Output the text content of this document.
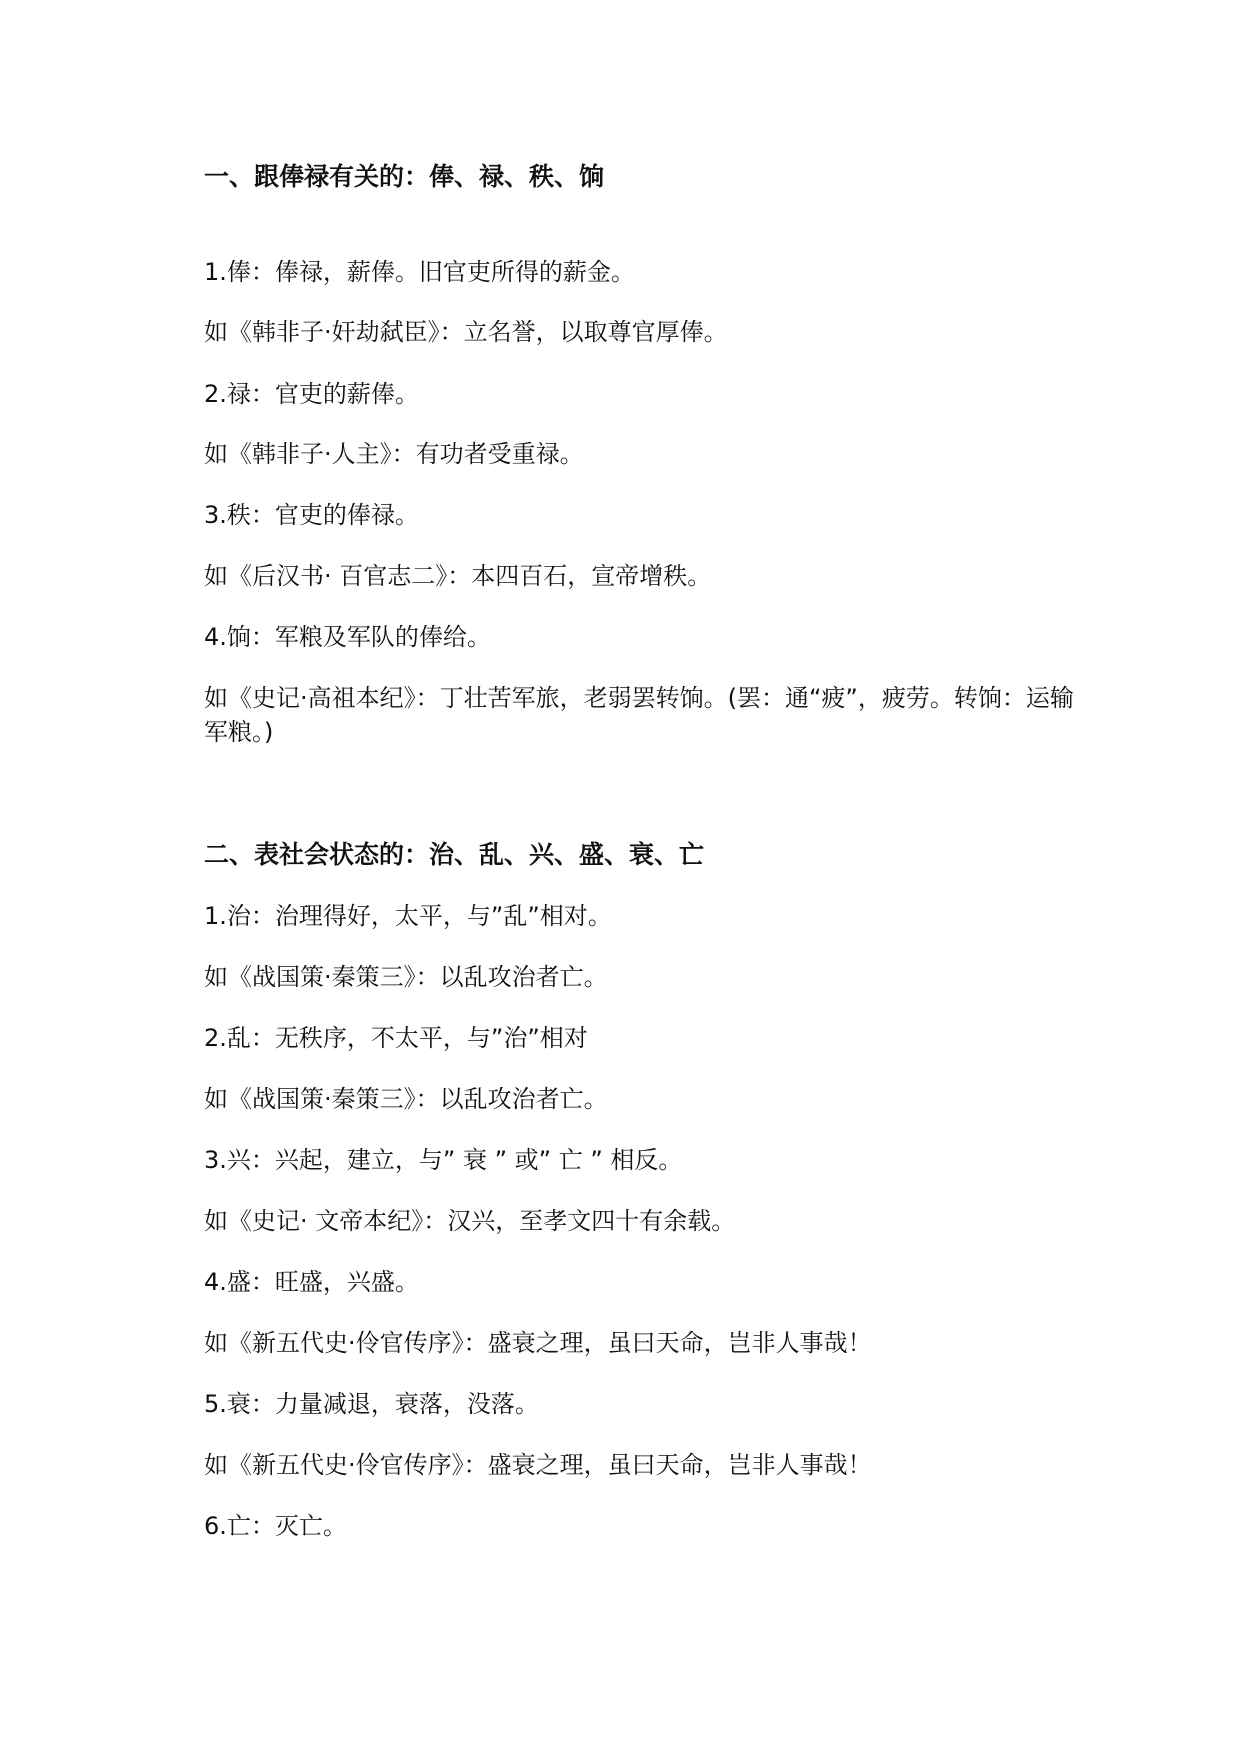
一、跟俸禄有关的：俸、禄、秩、饷
1.俸：俸禄，薪俸。旧官吏所得的薪金。
如《韩非子·奸劫弑臣》：立名誉，以取尊官厚俸。
2.禄：官吏的薪俸。
如《韩非子·人主》：有功者受重禄。
3.秩：官吏的俸禄。
如《后汉书· 百官志二》：本四百石，宣帝增秩。
4.饷：军粮及军队的俸给。
如《史记·高祖本纪》：丁壮苦军旅，老弱罢转饷。(罢：通“疲”，疲劳。转饷：运输军粮。)
二、表社会状态的：治、乱、兴、盛、衰、亡
1.治：治理得好，太平，与”乱”相对。
如《战国策·秦策三》：以乱攻治者亡。
2.乱：无秩序，不太平，与”治”相对
如《战国策·秦策三》：以乱攻治者亡。
3.兴：兴起，建立，与” 衰 ” 或” 亡 ” 相反。
如《史记· 文帝本纪》：汉兴，至孝文四十有余载。
4.盛：旺盛，兴盛。
如《新五代史·伶官传序》：盛衰之理，虽曰天命，岂非人事哉！
5.衰：力量减退，衰落，没落。
如《新五代史·伶官传序》：盛衰之理，虽曰天命，岂非人事哉！
6.亡：灭亡。
